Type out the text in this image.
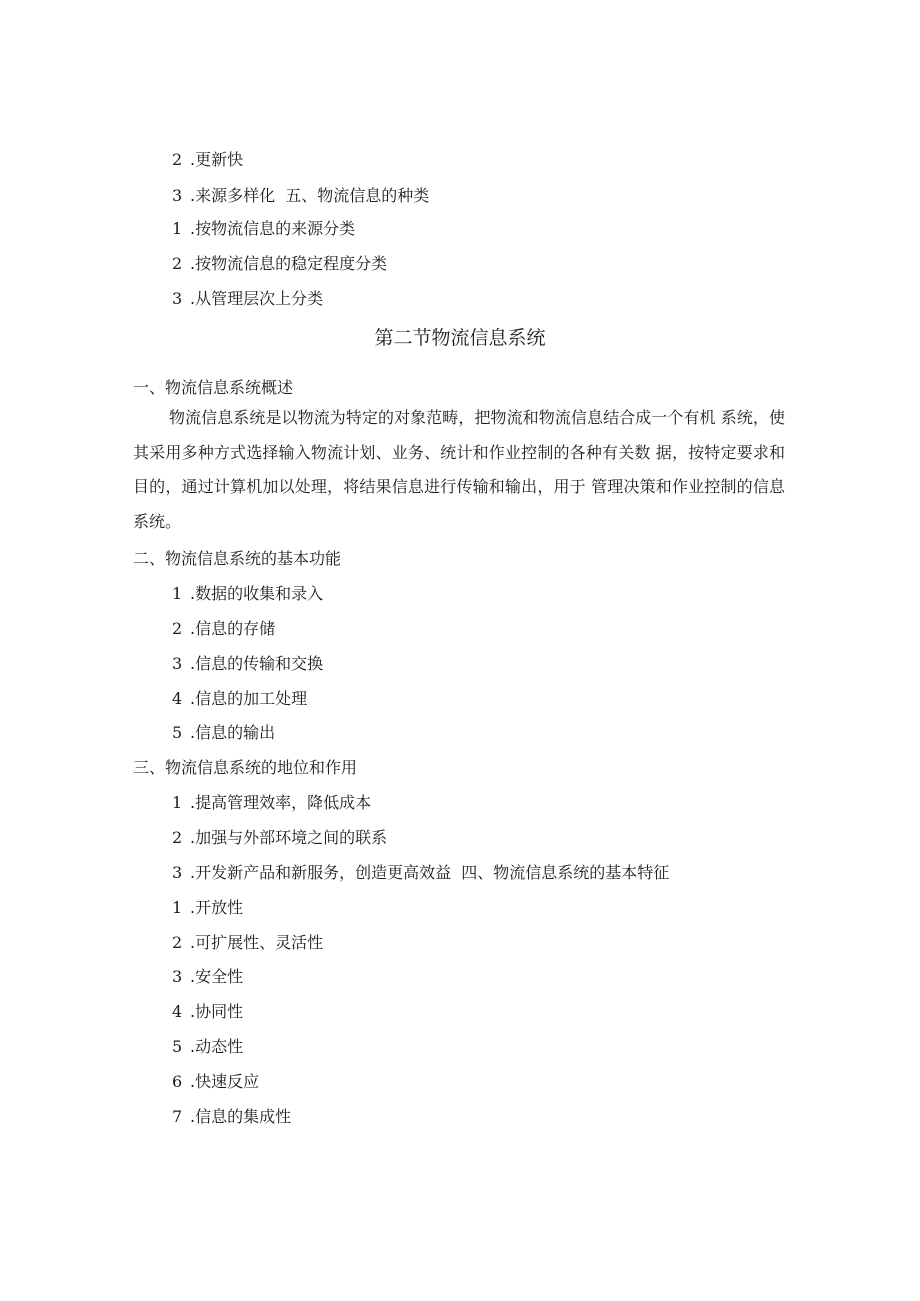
2 .更新快
3 .来源多样化  五、物流信息的种类
1 .按物流信息的来源分类
2 .按物流信息的稳定程度分类
3 .从管理层次上分类
第二节物流信息系统
一、物流信息系统概述
物流信息系统是以物流为特定的对象范畴，把物流和物流信息结合成一个有机 系统，使其采用多种方式选择输入物流计划、业务、统计和作业控制的各种有关数 据，按特定要求和目的，通过计算机加以处理，将结果信息进行传输和输出，用于 管理决策和作业控制的信息系统。
二、物流信息系统的基本功能
1 .数据的收集和录入
2 .信息的存储
3 .信息的传输和交换
4 .信息的加工处理
5 .信息的输出
三、物流信息系统的地位和作用
1 .提高管理效率，降低成本
2 .加强与外部环境之间的联系
3 .开发新产品和新服务，创造更高效益  四、物流信息系统的基本特征
1 .开放性
2 .可扩展性、灵活性
3 .安全性
4 .协同性
5 .动态性
6 .快速反应
7 .信息的集成性
